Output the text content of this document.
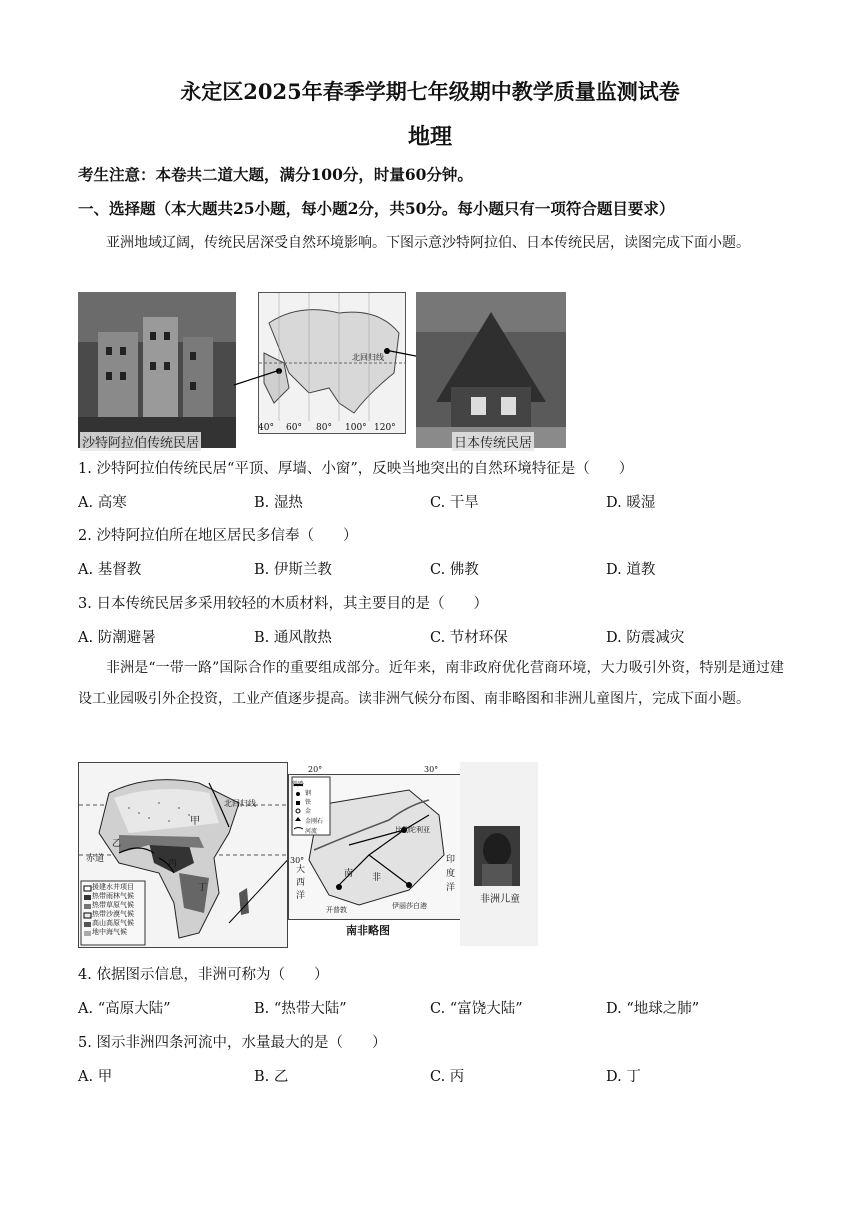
永定区2025年春季学期七年级期中教学质量监测试卷
地理
考生注意：本卷共二道大题，满分100分，时量60分钟。
一、选择题（本大题共25小题，每小题2分，共50分。每小题只有一项符合题目要求）
亚洲地域辽阔，传统民居深受自然环境影响。下图示意沙特阿拉伯、日本传统民居，读图完成下面小题。
沙特阿拉伯传统民居
40° 60° 80° 100° 120°
北回归线
日本传统民居
1. 沙特阿拉伯传统民居“平顶、厚墙、小窗”，反映当地突出的自然环境特征是（　　）
A. 高寒	B. 湿热	C. 干旱	D. 暖湿
2. 沙特阿拉伯所在地区居民多信奉（　　）
A. 基督教	B. 伊斯兰教	C. 佛教	D. 道教
3. 日本传统民居多采用较轻的木质材料，其主要目的是（　　）
A. 防潮避暑	B. 通风散热	C. 节材环保	D. 防震减灾
非洲是“一带一路”国际合作的重要组成部分。近年来，南非政府优化营商环境，大力吸引外资，特别是通过建设工业园吸引外企投资，工业产值逐步提高。读非洲气候分布图、南非略图和非洲儿童图片，完成下面小题。
北回归线
甲
赤道
乙
丙
丁
援建水井项目
热带雨林气候
热带草原气候
热带沙漠气候
高山高原气候
地中海气候
20°	30°
30°
比勒陀利亚
开普敦	伊丽莎白港
大
西
洋
南 非
印
度
洋
铁路
钢
铁
金
金刚石
河流
南非略图
非洲儿童
4. 依据图示信息，非洲可称为（　　）
A. “高原大陆”	B. “热带大陆”	C. “富饶大陆”	D. “地球之肺”
5. 图示非洲四条河流中，水量最大的是（　　）
A. 甲	B. 乙	C. 丙	D. 丁
